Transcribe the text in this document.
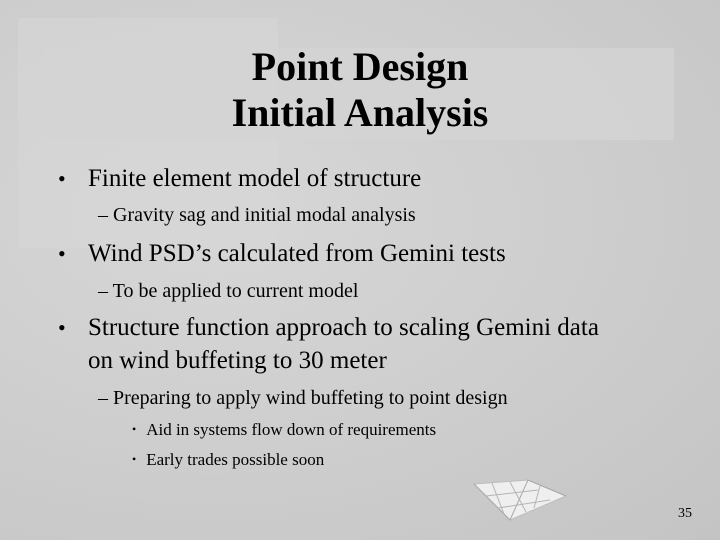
Point Design
Initial Analysis
• Finite element model of structure
– Gravity sag and initial modal analysis
• Wind PSD’s calculated from Gemini tests
– To be applied to current model
• Structure function approach to scaling Gemini data
on wind buffeting to 30 meter
– Preparing to apply wind buffeting to point design
• Aid in systems flow down of requirements
• Early trades possible soon
35
